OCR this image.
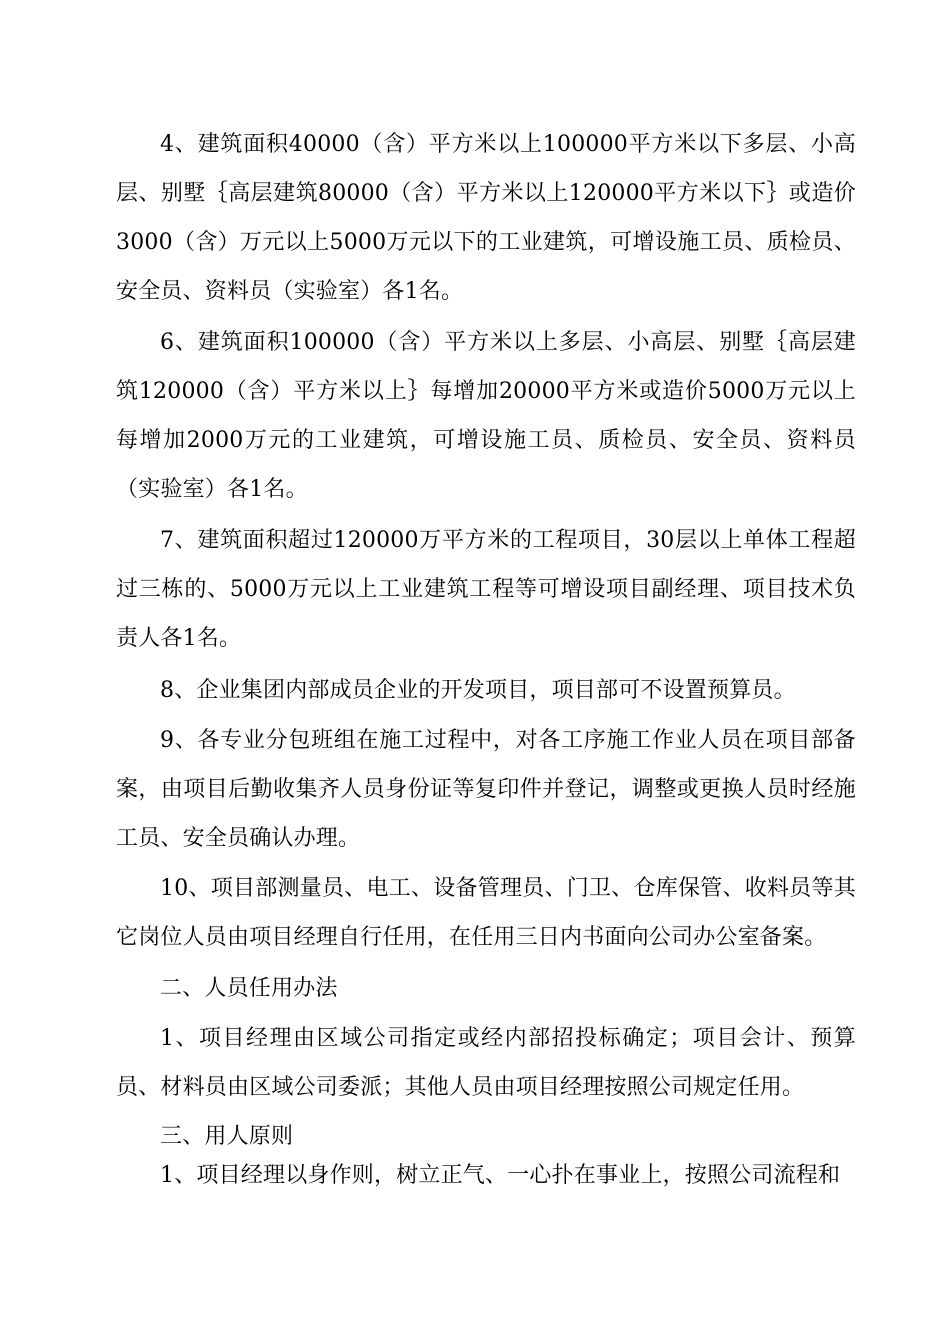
4、建筑面积40000（含）平方米以上100000平方米以下多层、小高层、别墅｛高层建筑80000（含）平方米以上120000平方米以下｝或造价3000（含）万元以上5000万元以下的工业建筑，可增设施工员、质检员、安全员、资料员（实验室）各1名。

6、建筑面积100000（含）平方米以上多层、小高层、别墅｛高层建筑120000（含）平方米以上｝每增加20000平方米或造价5000万元以上每增加2000万元的工业建筑，可增设施工员、质检员、安全员、资料员（实验室）各1名。

7、建筑面积超过120000万平方米的工程项目，30层以上单体工程超过三栋的、5000万元以上工业建筑工程等可增设项目副经理、项目技术负责人各1名。

8、企业集团内部成员企业的开发项目，项目部可不设置预算员。

9、各专业分包班组在施工过程中，对各工序施工作业人员在项目部备案，由项目后勤收集齐人员身份证等复印件并登记，调整或更换人员时经施工员、安全员确认办理。

10、项目部测量员、电工、设备管理员、门卫、仓库保管、收料员等其它岗位人员由项目经理自行任用，在任用三日内书面向公司办公室备案。

二、人员任用办法

1、项目经理由区域公司指定或经内部招投标确定；项目会计、预算员、材料员由区域公司委派；其他人员由项目经理按照公司规定任用。

三、用人原则

1、项目经理以身作则，树立正气、一心扑在事业上，按照公司流程和
